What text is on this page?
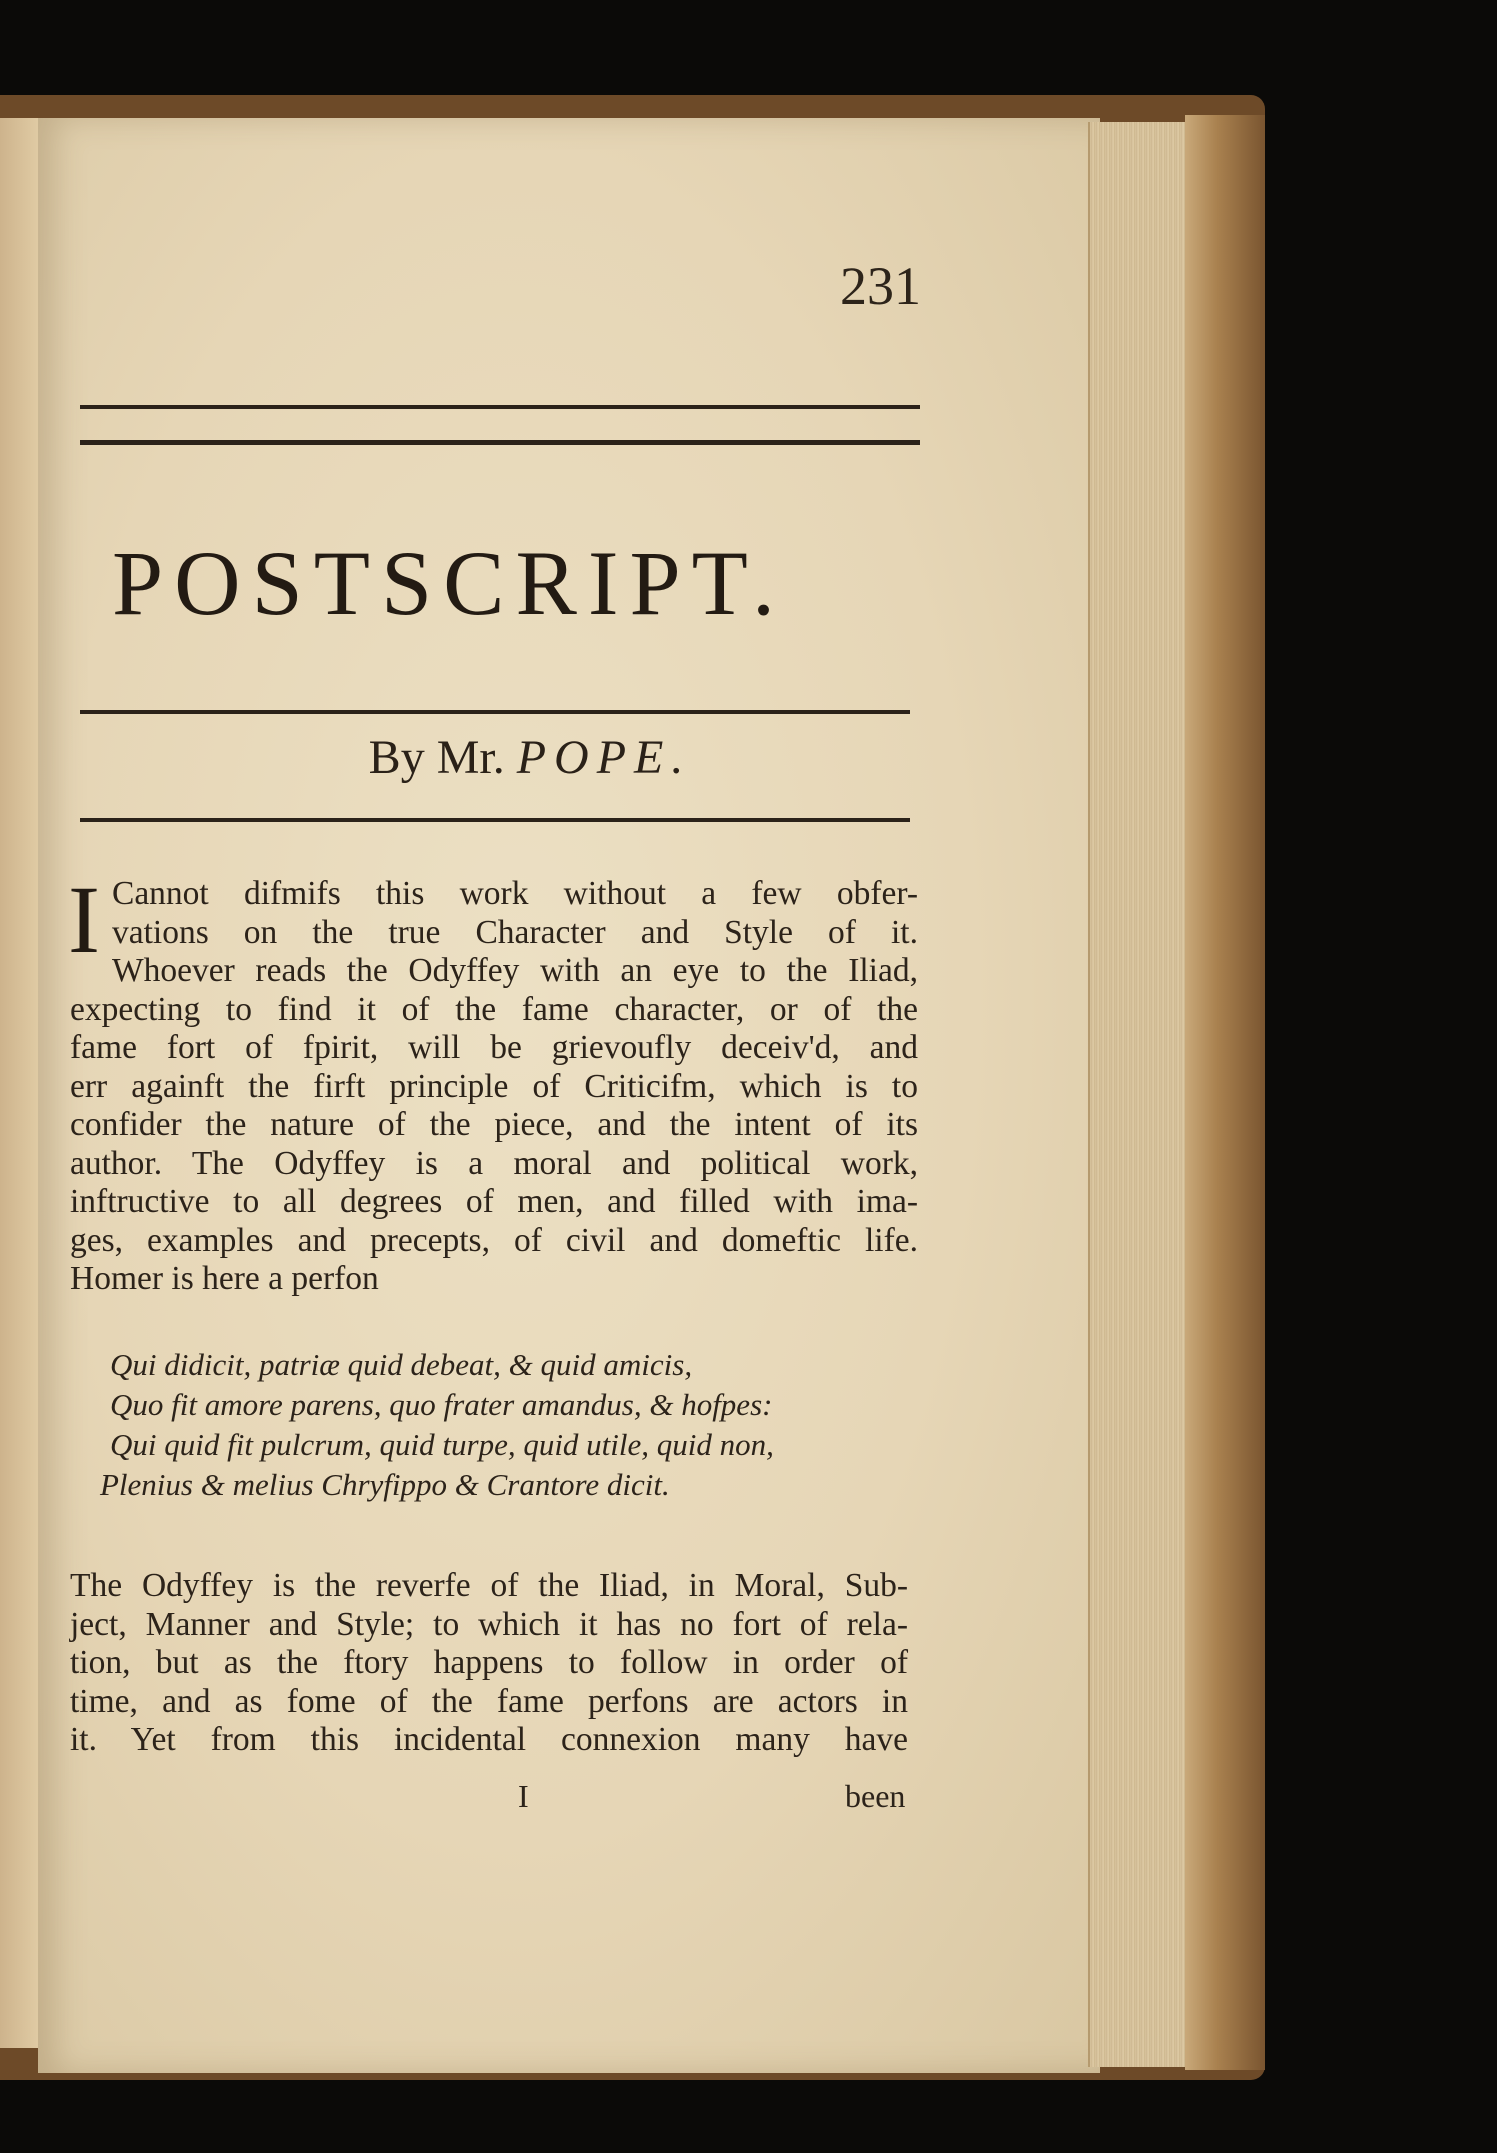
231
POSTSCRIPT.
By Mr. POPE.
I Cannot difmifs this work without a few obfer-
vations on the true Character and Style of it.
Whoever reads the Odyffey with an eye to the Iliad,
expecting to find it of the fame character, or of the
fame fort of fpirit, will be grievoufly deceiv'd, and
err againft the firft principle of Criticifm, which is to
confider the nature of the piece, and the intent of its
author. The Odyffey is a moral and political work,
inftructive to all degrees of men, and filled with ima-
ges, examples and precepts, of civil and domeftic life.
Homer is here a perfon
Qui didicit, patriæ quid debeat, & quid amicis,
Quo fit amore parens, quo frater amandus, & hofpes:
Qui quid fit pulcrum, quid turpe, quid utile, quid non,
Plenius & melius Chryfippo & Crantore dicit.
The Odyffey is the reverfe of the Iliad, in Moral, Sub-
ject, Manner and Style; to which it has no fort of rela-
tion, but as the ftory happens to follow in order of
time, and as fome of the fame perfons are actors in
it. Yet from this incidental connexion many have
I	been
